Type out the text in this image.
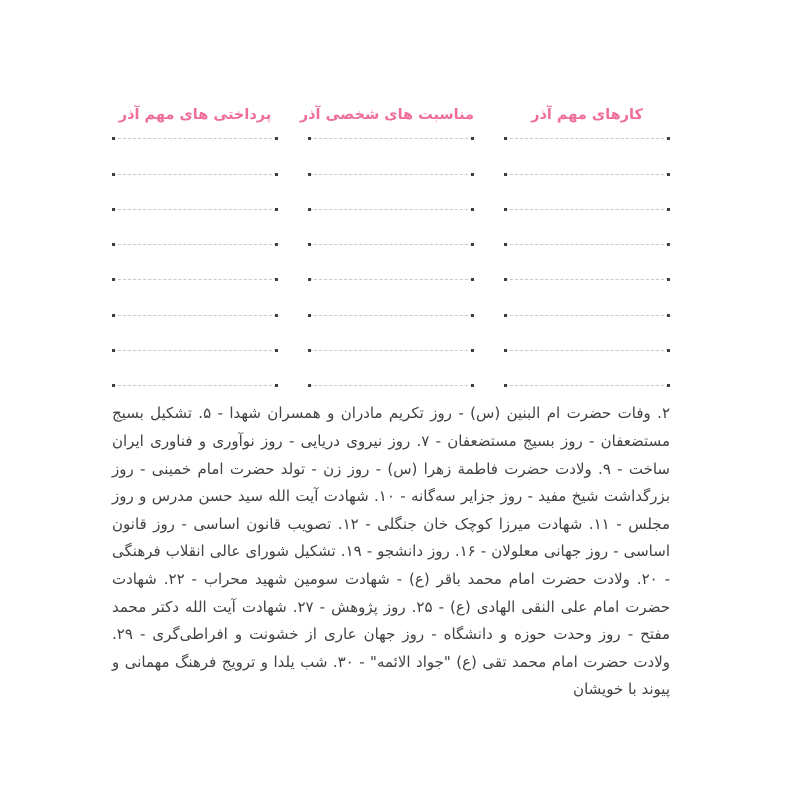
کارهای مهم آذر
مناسبت های شخصی آذر
پرداختی های مهم آذر

۲. وفات حضرت ام البنین (س) - روز تکریم مادران و همسران شهدا - ۵. تشکیل بسیج مستضعفان - روز بسیج مستضعفان - ۷. روز نیروی دریایی - روز نوآوری و فناوری ایران ساخت - ۹. ولادت حضرت فاطمة زهرا (س) - روز زن - تولد حضرت امام خمینی - روز بزرگداشت شیخ مفید - روز جزایر سه‌گانه - ۱۰. شهادت آیت الله سید حسن مدرس و روز مجلس - ۱۱. شهادت میرزا کوچک خان جنگلی - ۱۲. تصویب قانون اساسی - روز قانون اساسی - روز جهانی معلولان - ۱۶. روز دانشجو - ۱۹. تشکیل شورای عالی انقلاب فرهنگی - ۲۰. ولادت حضرت امام محمد باقر (ع) - شهادت سومین شهید محراب - ۲۲. شهادت حضرت امام علی النقی الهادی (ع) - ۲۵. روز پژوهش - ۲۷. شهادت آیت الله دکتر محمد مفتح - روز وحدت حوزه و دانشگاه - روز جهان عاری از خشونت و افراطی‌گری - ۲۹. ولادت حضرت امام محمد تقی (ع) "جواد الائمه" - ۳۰. شب یلدا و ترویج فرهنگ مهمانی و پیوند با خویشان
